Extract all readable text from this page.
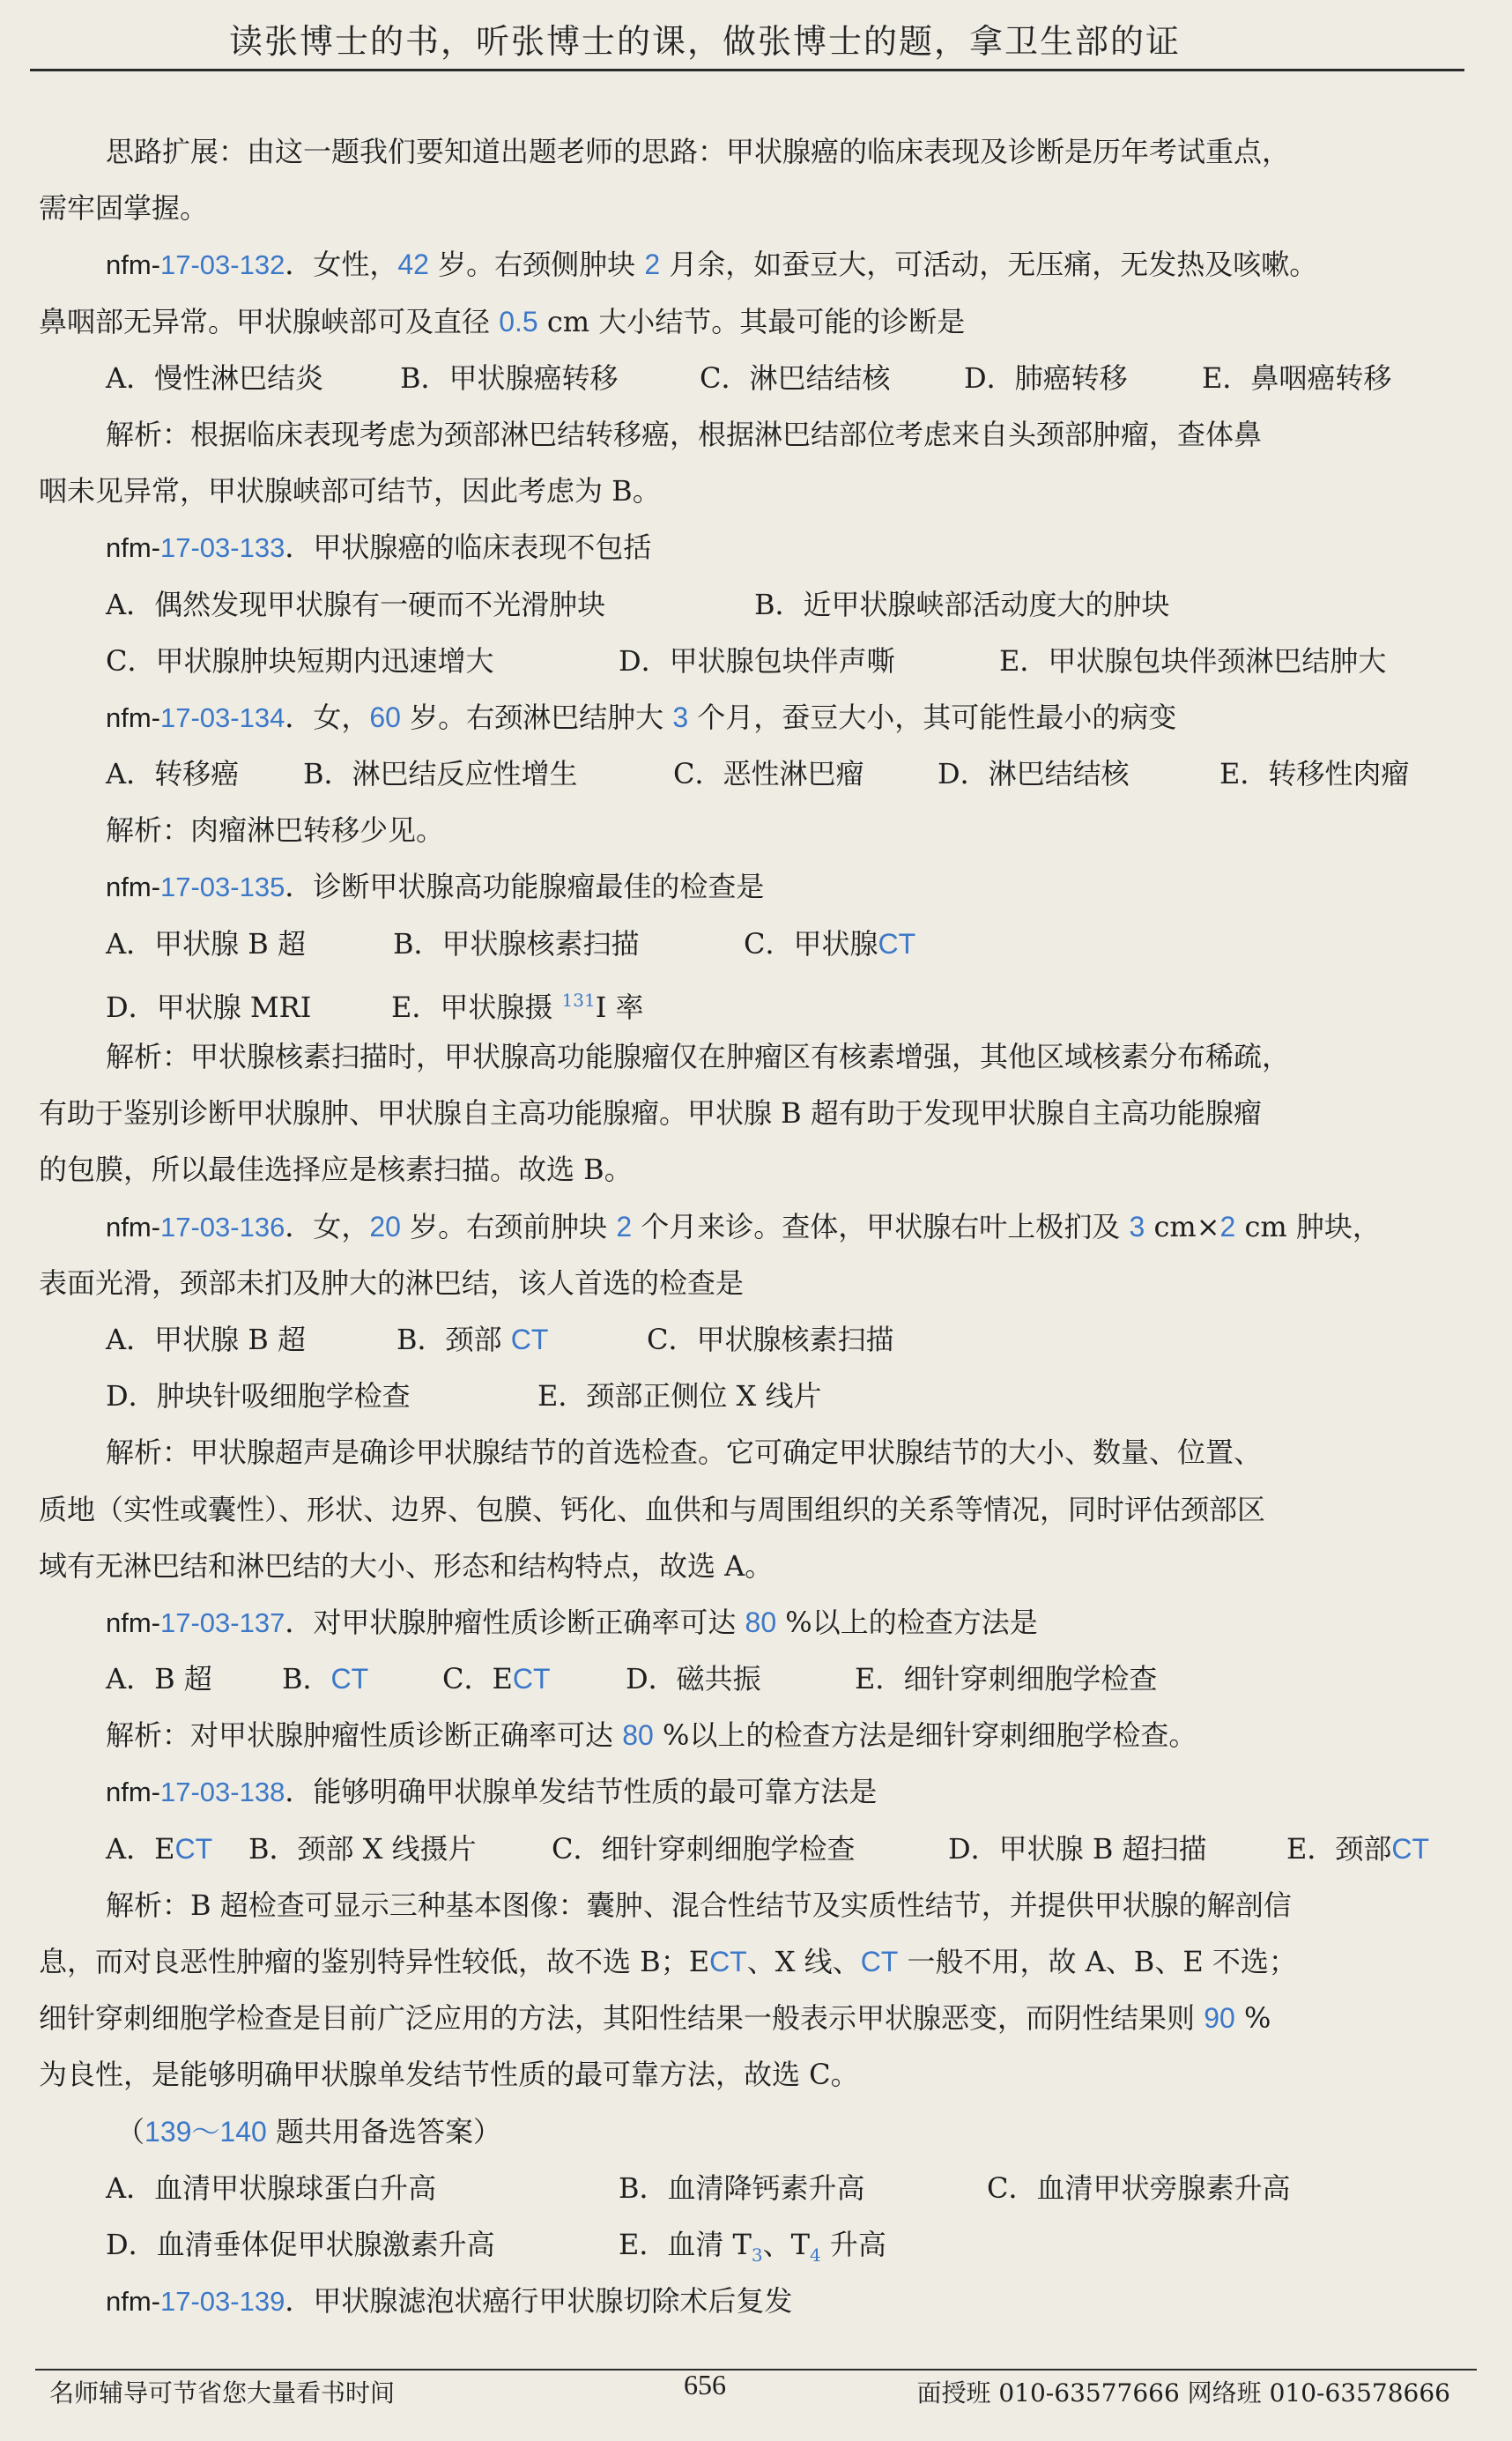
读张博士的书，听张博士的课，做张博士的题，拿卫生部的证
思路扩展：由这一题我们要知道出题老师的思路：甲状腺癌的临床表现及诊断是历年考试重点，
需牢固掌握。
nfm-17-03-132．女性，42 岁。右颈侧肿块 2 月余，如蚕豆大，可活动，无压痛，无发热及咳嗽。
鼻咽部无异常。甲状腺峡部可及直径 0.5 cm 大小结节。其最可能的诊断是
A．慢性淋巴结炎	B．甲状腺癌转移	C．淋巴结结核	D．肺癌转移	E．鼻咽癌转移
解析：根据临床表现考虑为颈部淋巴结转移癌，根据淋巴结部位考虑来自头颈部肿瘤，查体鼻
咽未见异常，甲状腺峡部可结节，因此考虑为 B。
nfm-17-03-133．甲状腺癌的临床表现不包括
A．偶然发现甲状腺有一硬而不光滑肿块	B．近甲状腺峡部活动度大的肿块
C．甲状腺肿块短期内迅速增大	D．甲状腺包块伴声嘶	E．甲状腺包块伴颈淋巴结肿大
nfm-17-03-134．女，60 岁。右颈淋巴结肿大 3 个月，蚕豆大小，其可能性最小的病变
A．转移癌 B．淋巴结反应性增生	C．恶性淋巴瘤	D．淋巴结结核	E．转移性肉瘤
解析：肉瘤淋巴转移少见。
nfm-17-03-135．诊断甲状腺高功能腺瘤最佳的检查是
A．甲状腺 B 超	B．甲状腺核素扫描	C．甲状腺CT
D．甲状腺 MRI	E．甲状腺摄 $^{131}$I 率
解析：甲状腺核素扫描时，甲状腺高功能腺瘤仅在肿瘤区有核素增强，其他区域核素分布稀疏，
有助于鉴别诊断甲状腺肿、甲状腺自主高功能腺瘤。甲状腺 B 超有助于发现甲状腺自主高功能腺瘤
的包膜，所以最佳选择应是核素扫描。故选 B。
nfm-17-03-136．女，20 岁。右颈前肿块 2 个月来诊。查体，甲状腺右叶上极扪及 3 cm×2 cm 肿块，
表面光滑，颈部未扪及肿大的淋巴结，该人首选的检查是
A．甲状腺 B 超	B．颈部 CT	C．甲状腺核素扫描
D．肿块针吸细胞学检查	E．颈部正侧位 X 线片
解析：甲状腺超声是确诊甲状腺结节的首选检查。它可确定甲状腺结节的大小、数量、位置、
质地（实性或囊性）、形状、边界、包膜、钙化、血供和与周围组织的关系等情况，同时评估颈部区
域有无淋巴结和淋巴结的大小、形态和结构特点，故选 A。
nfm-17-03-137．对甲状腺肿瘤性质诊断正确率可达 80 %以上的检查方法是
A．B 超 B．CT	C．ECT	D．磁共振	E．细针穿刺细胞学检查
解析：对甲状腺肿瘤性质诊断正确率可达 80 %以上的检查方法是细针穿刺细胞学检查。
nfm-17-03-138．能够明确甲状腺单发结节性质的最可靠方法是
A．ECT B．颈部 X 线摄片	C．细针穿刺细胞学检查	D．甲状腺 B 超扫描	E．颈部CT
解析：B 超检查可显示三种基本图像：囊肿、混合性结节及实质性结节，并提供甲状腺的解剖信
息，而对良恶性肿瘤的鉴别特异性较低，故不选 B；ECT、X 线、CT 一般不用，故 A、B、E 不选；
细针穿刺细胞学检查是目前广泛应用的方法，其阳性结果一般表示甲状腺恶变，而阴性结果则 90 %
为良性，是能够明确甲状腺单发结节性质的最可靠方法，故选 C。
（139～140 题共用备选答案）
A．血清甲状腺球蛋白升高	B．血清降钙素升高	C．血清甲状旁腺素升高
D．血清垂体促甲状腺激素升高	E．血清 $T_3$、$T_4$ 升高
nfm-17-03-139．甲状腺滤泡状癌行甲状腺切除术后复发
名师辅导可节省您大量看书时间	656	面授班 010-63577666 网络班 010-63578666
